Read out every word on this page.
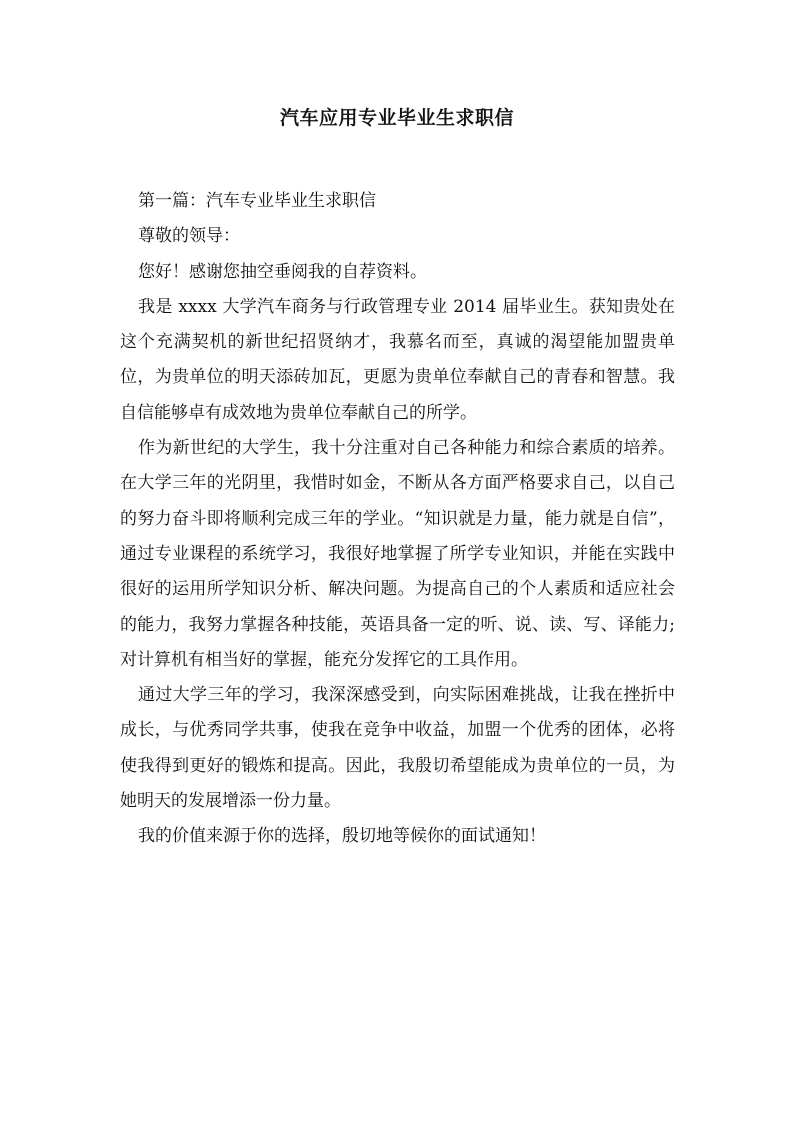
汽车应用专业毕业生求职信

第一篇：汽车专业毕业生求职信

尊敬的领导：

您好！感谢您抽空垂阅我的自荐资料。

我是 xxxx 大学汽车商务与行政管理专业 2014 届毕业生。获知贵处在这个充满契机的新世纪招贤纳才，我慕名而至，真诚的渴望能加盟贵单位，为贵单位的明天添砖加瓦，更愿为贵单位奉献自己的青春和智慧。我自信能够卓有成效地为贵单位奉献自己的所学。

作为新世纪的大学生，我十分注重对自己各种能力和综合素质的培养。在大学三年的光阴里，我惜时如金，不断从各方面严格要求自己，以自己的努力奋斗即将顺利完成三年的学业。“知识就是力量，能力就是自信”，通过专业课程的系统学习，我很好地掌握了所学专业知识，并能在实践中很好的运用所学知识分析、解决问题。为提高自己的个人素质和适应社会的能力，我努力掌握各种技能，英语具备一定的听、说、读、写、译能力; 对计算机有相当好的掌握，能充分发挥它的工具作用。

通过大学三年的学习，我深深感受到，向实际困难挑战，让我在挫折中成长，与优秀同学共事，使我在竞争中收益，加盟一个优秀的团体，必将使我得到更好的锻炼和提高。因此，我殷切希望能成为贵单位的一员，为她明天的发展增添一份力量。

我的价值来源于你的选择，殷切地等候你的面试通知！
